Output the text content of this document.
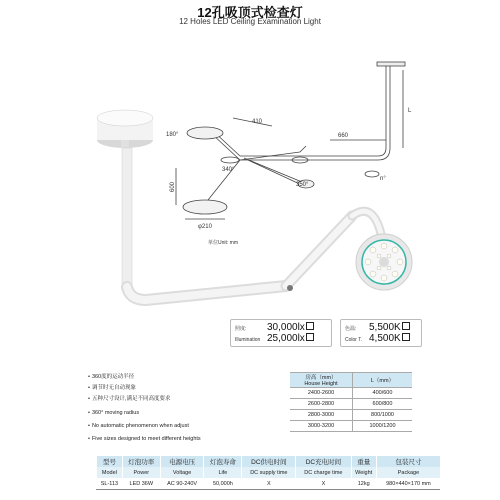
12孔吸顶式检查灯
12 Holes LED Ceiling Examination Light
410
660
L
180°
340°
350°
n°
600
φ210
单位Unit: mm
照度:	30,000lx
Illumination 25,000lx
色温:	5,500K
Color T. 4,500K
• 360度的运动半径
• 调节时无自动现象
• 五种尺寸设计,满足不同高度要求
• 360° moving radius
• No automatic phenomenon when adjust
• Five sizes designed to meet different heights
房高（mm）
House Height	L（mm）
2400-2600	400/600
2600-2800	600/800
2800-3000	800/1000
3000-3200	1000/1200
型号	灯泡功率	电源电压	灯泡寿命	DC供电时间	DC充电时间	重量	包装尺寸
Model	Power	Voltage	Life	DC supply time	DC charge time	Weight	Package
SL-113	LED 36W	AC 90-240V	50,000h	X	X	12kg	980×440×170 mm
